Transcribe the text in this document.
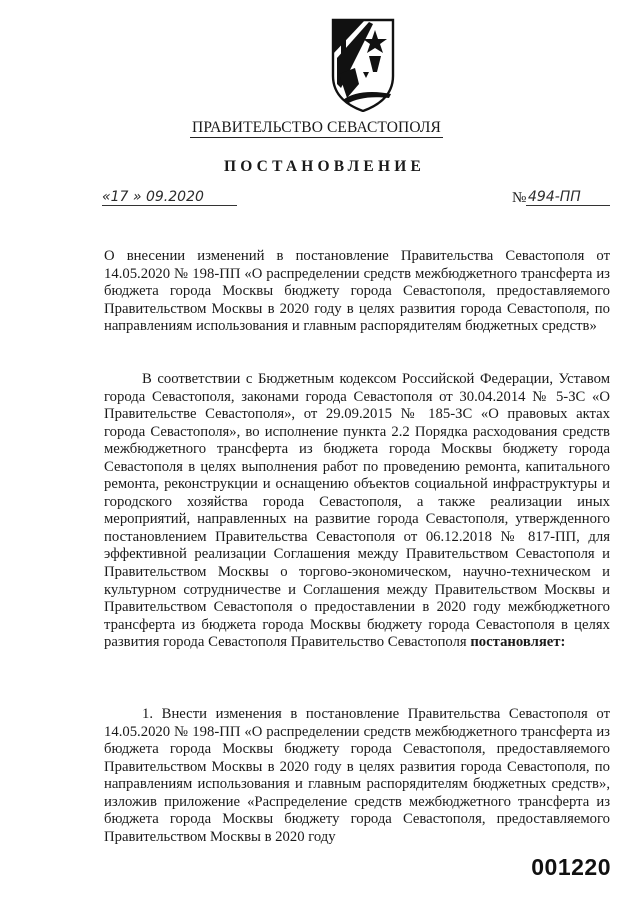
ПРАВИТЕЛЬСТВО СЕВАСТОПОЛЯ
ПОСТАНОВЛЕНИЕ
«17 » 09.2020	№ 494-ПП
О внесении изменений в постановление Правительства Севастополя от 14.05.2020 № 198-ПП «О распределении средств межбюджетного трансферта из бюджета города Москвы бюджету города Севастополя, предоставляемого Правительством Москвы в 2020 году в целях развития города Севастополя, по направлениям использования и главным распорядителям бюджетных средств»
В соответствии с Бюджетным кодексом Российской Федерации, Уставом города Севастополя, законами города Севастополя от 30.04.2014 № 5-ЗС «О Правительстве Севастополя», от 29.09.2015 № 185-ЗС «О правовых актах города Севастополя», во исполнение пункта 2.2 Порядка расходования средств межбюджетного трансферта из бюджета города Москвы бюджету города Севастополя в целях выполнения работ по проведению ремонта, капитального ремонта, реконструкции и оснащению объектов социальной инфраструктуры и городского хозяйства города Севастополя, а также реализации иных мероприятий, направленных на развитие города Севастополя, утвержденного постановлением Правительства Севастополя от 06.12.2018 № 817-ПП, для эффективной реализации Соглашения между Правительством Севастополя и Правительством Москвы о торгово-экономическом, научно-техническом и культурном сотрудничестве и Соглашения между Правительством Москвы и Правительством Севастополя о предоставлении в 2020 году межбюджетного трансферта из бюджета города Москвы бюджету города Севастополя в целях развития города Севастополя Правительство Севастополя постановляет:
1. Внести изменения в постановление Правительства Севастополя от 14.05.2020 № 198-ПП «О распределении средств межбюджетного трансферта из бюджета города Москвы бюджету города Севастополя, предоставляемого Правительством Москвы в 2020 году в целях развития города Севастополя, по направлениям использования и главным распорядителям бюджетных средств», изложив приложение «Распределение средств межбюджетного трансферта из бюджета города Москвы бюджету города Севастополя, предоставляемого Правительством Москвы в 2020 году
001220
